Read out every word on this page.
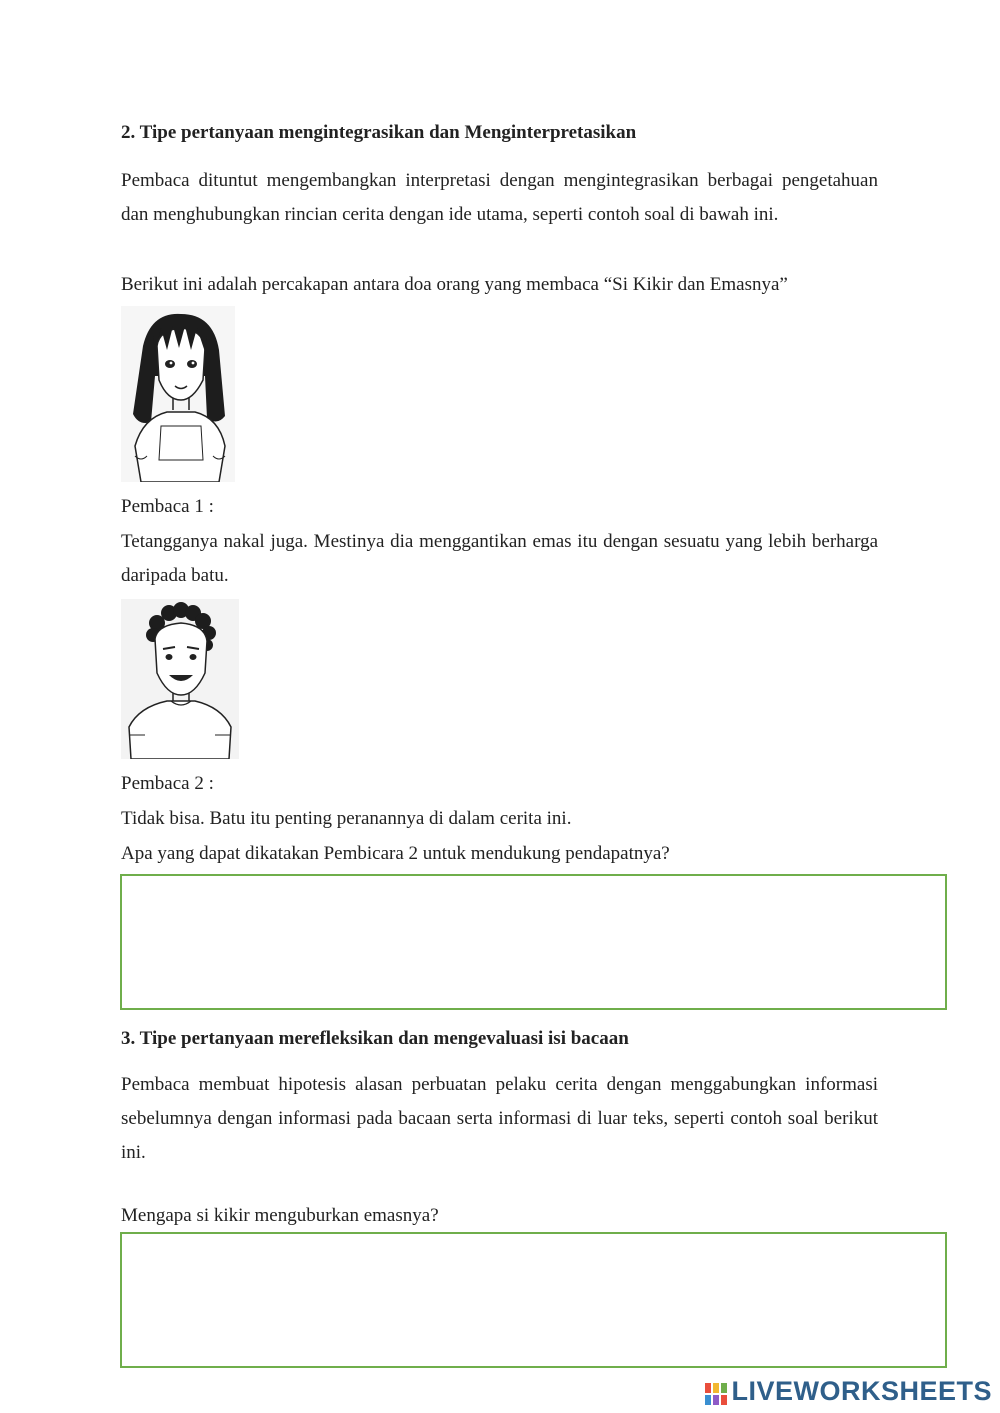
2. Tipe pertanyaan mengintegrasikan dan Menginterpretasikan
Pembaca dituntut mengembangkan interpretasi dengan mengintegrasikan berbagai pengetahuan dan menghubungkan rincian cerita dengan ide utama, seperti contoh soal di bawah ini.
Berikut ini adalah percakapan antara doa orang yang membaca “Si Kikir dan Emasnya”
Pembaca 1 :
Tetangganya nakal juga. Mestinya dia menggantikan emas itu dengan sesuatu yang lebih berharga daripada batu.
Pembaca 2 :
Tidak bisa. Batu itu penting peranannya di dalam cerita ini.
Apa yang dapat dikatakan Pembicara 2 untuk mendukung pendapatnya?
3. Tipe pertanyaan merefleksikan dan mengevaluasi isi bacaan
Pembaca membuat hipotesis alasan perbuatan pelaku cerita dengan menggabungkan informasi sebelumnya dengan informasi pada bacaan serta informasi di luar teks, seperti contoh soal berikut ini.
Mengapa si kikir menguburkan emasnya?
LIVEWORKSHEETS
